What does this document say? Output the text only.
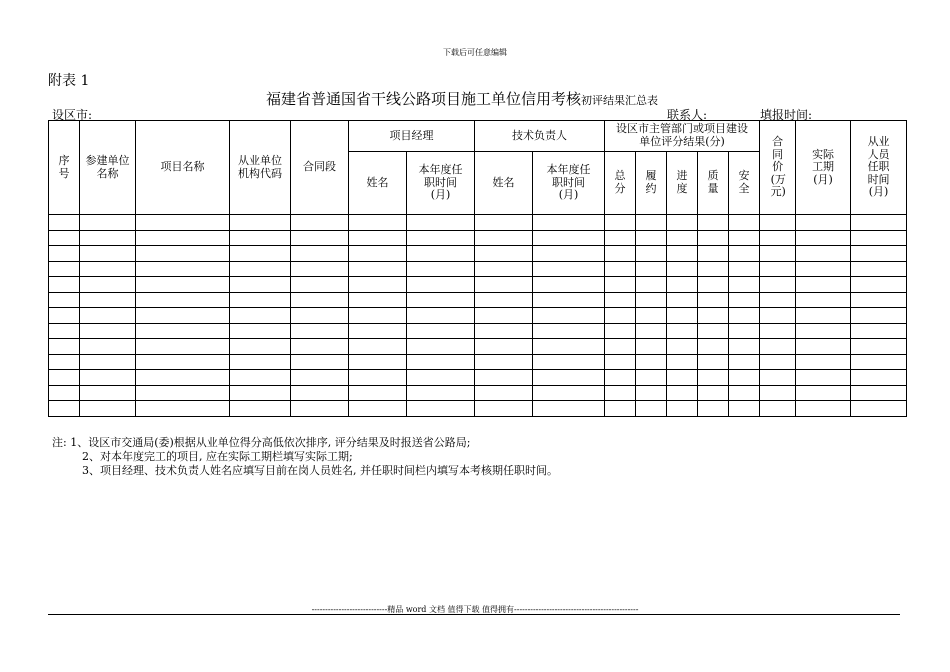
下载后可任意编辑
附表 1
福建省普通国省干线公路项目施工单位信用考核初评结果汇总表
设区市:	联系人:	填报时间:
序号	参建单位名称	项目名称	从业单位机构代码	合同段	项目经理		技术负责人		设区市主管部门或项目建设单位评分结果(分)					合同价(万元)	实际工期(月)	从业人员任职时间(月)
					姓名	本年度任职时间(月)	姓名	本年度任职时间(月)	总分	履约	进度	质量	安全			

注: 1、设区市交通局(委)根据从业单位得分高低依次排序, 评分结果及时报送省公路局;
2、对本年度完工的项目, 应在实际工期栏填写实际工期;
3、项目经理、技术负责人姓名应填写目前在岗人员姓名, 并任职时间栏内填写本考核期任职时间。
----------------------------精品 word 文档 值得下载 值得拥有----------------------------------------------
